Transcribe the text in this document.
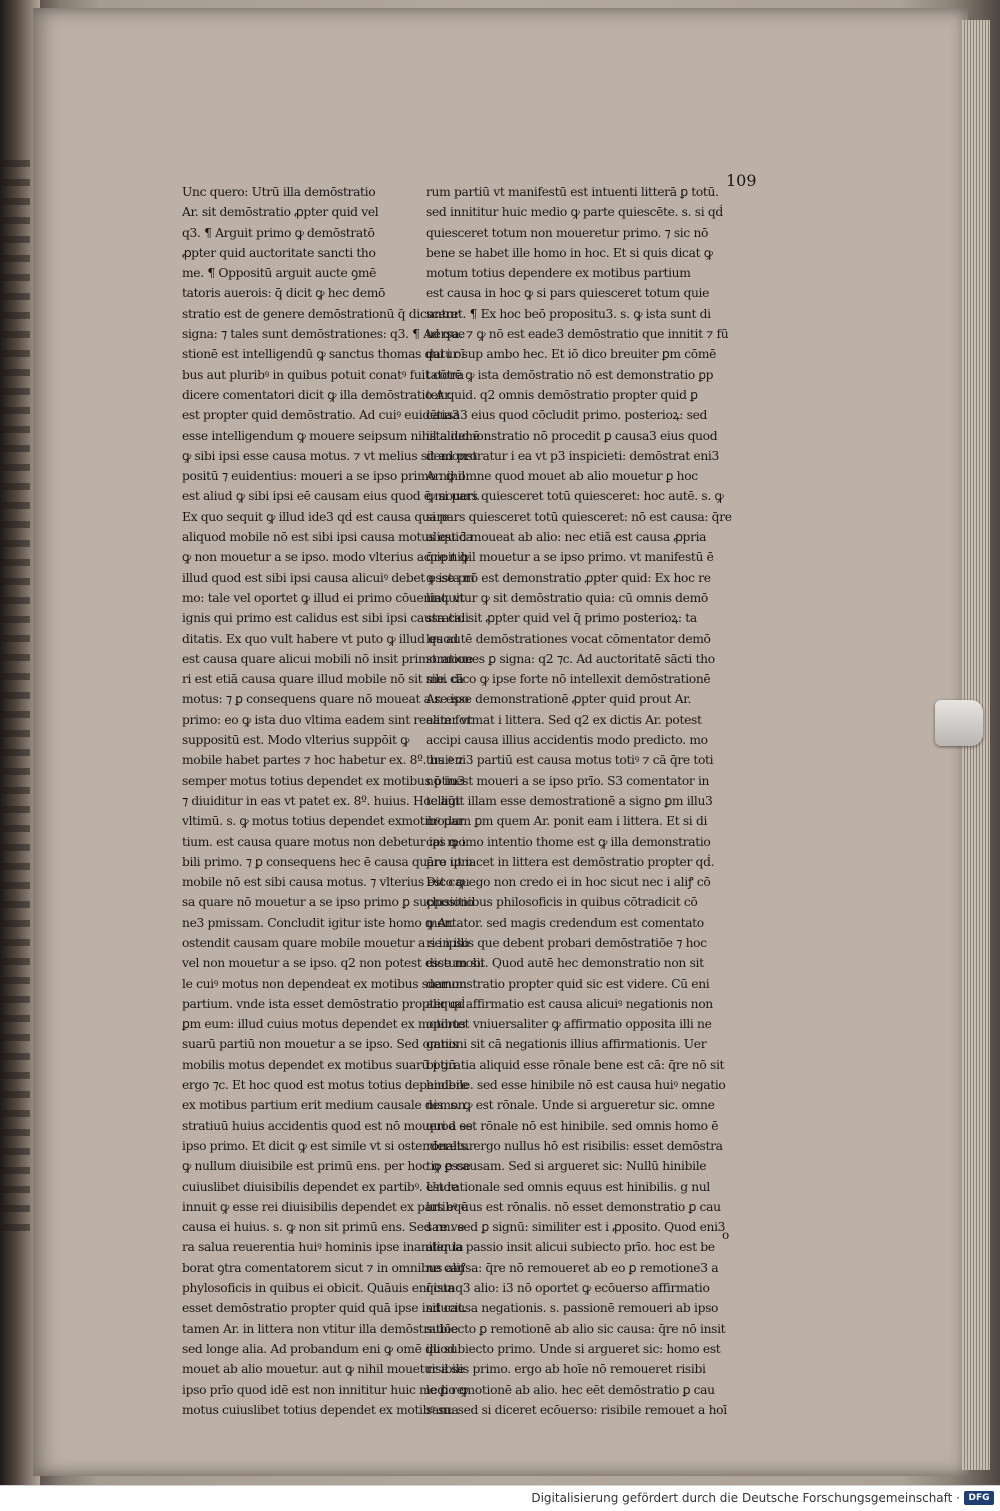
109
Unc quero: Utrū illa demōstratio
Ar. sit demōstratio ꝓpter quid vel
q3. ¶ Arguit primo ꝙ demōstratō
ꝓpter quid auctoritate sancti tho
me. ¶ Oppositū arguit aucte ꝯmē
tatoris auerois: q̄ dicit ꝙ hec demō
stratio est de genere demōstrationū q̄ dicuntur
signa: ⁊ tales sunt demōstrationes: q3. ¶ Ad que
stionē est intelligendū ꝙ sanctus thomas qui i oī
bus aut pluribꝰ in quibus potuit conatꝰ fuit cōtra
dicere comentatori dicit ꝙ illa demōstratio Ar.
est propter quid demōstratio. Ad cuiꝰ euidētia3
esse intelligendum ꝙ mouere seipsum nihil aliud ē
ꝙ sibi ipsi esse causa motus. ⁊ vt melius sit ad pro
positū ⁊ euidentius: moueri a se ipso primo nihil
est aliud ꝙ sibi ipsi eē causam eius quod ē moueri.
Ex quo sequit ꝙ illud ide3 qḋ est causa quare
aliquod mobile nō est sibi ipsi causa motus est c̄a
ꝙ non mouetur a se ipso. modo vlterius accipit ꝙ
illud quod est sibi ipsi causa alicuiꝰ debet esse pri
mo: tale vel oportet ꝙ illud ei primo cōueniat. vt
ignis qui primo est calidus est sibi ipsi causa cali
ditatis. Ex quo vult habere vt puto ꝙ illud quod
est causa quare alicui mobili nō insit primo moue
ri est etiā causa quare illud mobile nō sit sibi cā
motus: ⁊ ꝑ consequens quare nō moueat a se ipo
primo: eo ꝙ ista duo vltima eadem sint realiter vt
suppositū est. Modo vlterius suppōit ꝙ
mobile habet partes ⁊ hoc habetur ex. 8º. huiꝰ ⁊
semper motus totius dependet ex motibus ptiu3
⁊ diuiditur in eas vt patet ex. 8º. huius. Hoc aūt
vltimū. s. ꝙ motus totius dependet exmotibꝰ par
tium. est causa quare motus non debetur ipi mo
bili primo. ⁊ ꝑ consequens hec ē causa quare ipm
mobile nō est sibi causa motus. ⁊ vlterius est cau
sa quare nō mouetur a se ipso primo ꝑ suppositio
ne3 pmissam. Concludit igitur iste homo ꝙ Ar.
ostendit causam quare mobile mouetur a se ipso
vel non mouetur a se ipso. q2 non potest esse mobi
le cuiꝰ motus non dependeat ex motibus suarum
partium. vnde ista esset demōstratio propter qḋ
ꝑm eum: illud cuius motus dependet ex motibus
suarū partiū non mouetur a se ipso. Sed omnis
mobilis motus dependet ex motibus suarū ptiū
ergo ⁊c. Et hoc quod est motus totius dependere
ex motibus partium erit medium causale demon
stratiuū huius accidentis quod est nō moueri a se
ipso primo. Et dicit ꝙ est simile vt si ostenderetur
ꝙ nullum diuisibile est primū ens. per hoc ꝙ esse
cuiuslibet diuisibilis dependet ex partibꝰ. Unde
innuit ꝙ esse rei diuisibilis dependet ex partibꝰ ē
causa ei huius. s. ꝙ non sit primū ens. Sed re ve
ra salua reuerentia huiꝰ hominis ipse inaniter la
borat ꝯtra comentatorem sicut ⁊ in omnibus aliꝭ
phylosoficis in quibus ei obicit. Quāuis eni ista
esset demōstratio propter quid quā ipse inducit.
tamen Ar. in littera non vtitur illa demōstratiōe
sed longe alia. Ad probandum eni ꝙ omē quod
mouet ab alio mouetur. aut ꝙ nihil mouetur a se
ipso prīo quod idē est non innititur huic medio ꝙ
motus cuiuslibet totius dependet ex motibꝰ sua
rum partiū vt manifestū est intuenti litterā ꝑ totū.
sed innititur huic medio ꝙ parte quiescēte. s. si qḋ
quiesceret totum non moueretur primo. ⁊ sic nō
bene se habet ille homo in hoc. Et si quis dicat ꝙ
motum totius dependere ex motibus partium
est causa in hoc ꝙ si pars quiesceret totum quie
sceret. ¶ Ex hoc beō propositu3. s. ꝙ ista sunt di
uersa. ⁊ ꝙ nō est eade3 demōstratio que innitit ⁊ fū
datur sup ambo hec. Et iō dico breuiter ꝑm cōmē
tatorē ꝙ ista demōstratio nō est demonstratio ꝑp
ter quid. q2 omnis demōstratio propter quid ꝑ
causa3 eius quod cōcludit primo. posterioꝝ: sed
ista demonstratio nō procedit ꝑ causa3 eius quod
demonstratur i ea vt p3 inspicieti: demōstrat eni3
Ar. ꝙ omne quod mouet ab alio mouetur ꝑ hoc
ꝙ si pars quiesceret totū quiesceret: hoc autē. s. ꝙ
si pars quiesceret totū quiesceret: nō est causa: q̄re
aliquid moueat ab alio: nec etiā est causa ꝓpria
q̄re nihil mouetur a se ipso primo. vt manifestū ē
ꝙ ista nō est demonstratio ꝓpter quid: Ex hoc re
linquitur ꝙ sit demōstratio quia: cū omnis demō
stratio sit ꝓpter quid vel q̄ primo posterioꝝ: ta
les autē demōstrationes vocat cōmentator demō
strationes ꝑ signa: q2 ⁊c. Ad auctoritatē sācti tho
me. dico ꝙ ipse forte nō intellexit demōstrationē
Ar. esse demonstrationē ꝓpter quid prout Ar.
eam format i littera. Sed q2 ex dictis Ar. potest
accipi causa illius accidentis modo predicto. mo
tus eni3 partiū est causa motus totiꝰ ⁊ cā q̄re toti
nō inest moueri a se ipso prīo. S3 comentator in
telligit illam esse demostrationē a signo ꝑm illu3
modum ꝑm quem Ar. ponit eam i littera. Et si di
cas ꝙ imo intentio thome est ꝙ illa demonstratio
p̄ro ut iacet in littera est demōstratio propter qḋ.
Dico ꝙ ego non credo ei in hoc sicut nec i aliꝭ cō
clusionibus philosoficis in quibus cōtradicit cō
mentator. sed magis credendum est comentato
ri in illis que debent probari demōstratiōe ⁊ hoc
dictum sit. Quod autē hec demonstratio non sit
demonstratio propter quid sic est videre. Cū eni
aliqua affirmatio est causa alicuiꝰ negationis non
oportet vniuersaliter ꝙ affirmatio opposita illi ne
gationi sit cā negationis illius affirmationis. Uer
bi gratia aliquid esse rōnale bene est cā: q̄re nō sit
hinibile. sed esse hinibile nō est causa huiꝰ negatio
nis. s. ꝙ est rōnale. Unde si argueretur sic. omne
quod est rōnale nō est hinibile. sed omnis homo ē
rōnalis. ergo nullus hō est risibilis: esset demōstra
tio ꝑ causam. Sed si argueret sic: Nullū hinibile
est rationale sed omnis equus est hinibilis. g nul
lus equus est rōnalis. nō esset demonstratio ꝑ cau
sam. sed ꝑ signū: similiter est i ꝓposito. Quod eni3
aliqua passio insit alicui subiecto prīo. hoc est be
ne causa: q̄re nō remoueret ab eo ꝑ remotione3 a
q̄cunq3 alio: i3 nō oportet ꝙ ecōuerso affirmatio
sit causa negationis. s. passionē remoueri ab ipso
subiecto ꝑ remotionē ab alio sic causa: q̄re nō insit
illi subiecto primo. Unde si argueret sic: homo est
risibilis primo. ergo ab hoīe nō remoueret risibi
le ꝑ remotionē ab alio. hec eēt demōstratio ꝑ cau
sam: sed si diceret ecōuerso: risibile remouet a hoī
o
Digitalisierung gefördert durch die Deutsche Forschungsgemeinschaft · DFG
